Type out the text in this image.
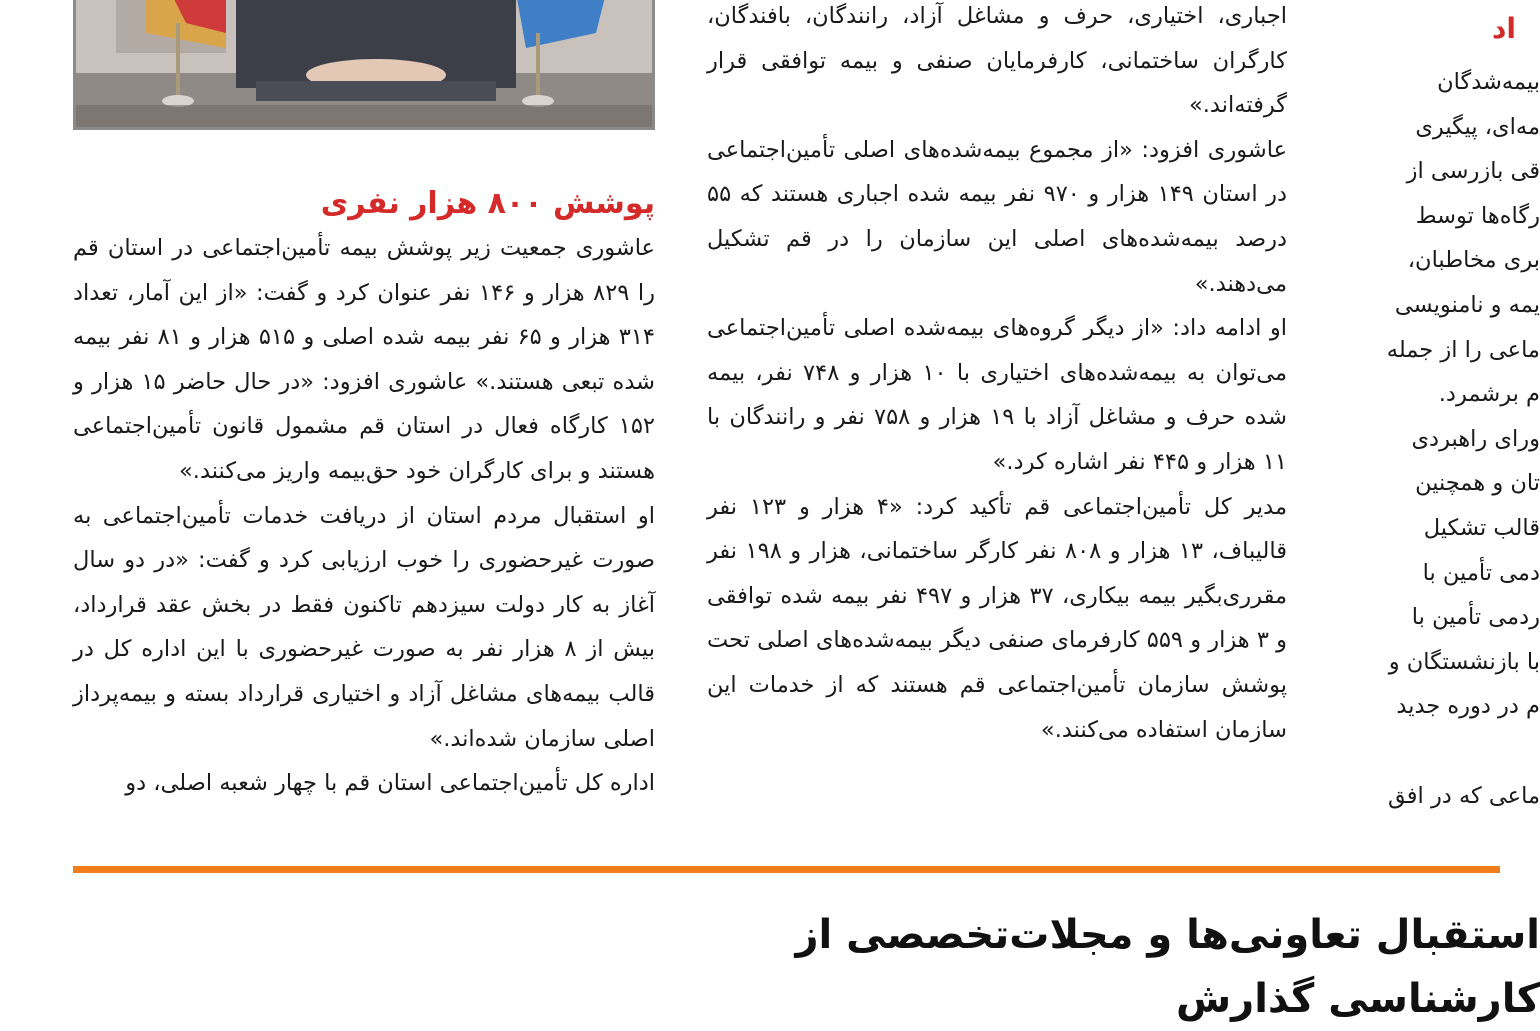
اد

اجباری، اختیاری، حرف و مشاغل آزاد، رانندگان، بافندگان، کارگران ساختمانی، کارفرمایان صنفی و بیمه توافقی قرار گرفته‌اند.»

عاشوری افزود: «از مجموع بیمه‌شده‌های اصلی تأمین‌اجتماعی در استان ۱۴۹ هزار و ۹۷۰ نفر بیمه شده اجباری هستند که ۵۵ درصد بیمه‌شده‌های اصلی این سازمان را در قم تشکیل می‌دهند.»

او ادامه داد: «از دیگر گروه‌های بیمه‌شده اصلی تأمین‌اجتماعی می‌توان به بیمه‌شده‌های اختیاری با ۱۰ هزار و ۷۴۸ نفر، بیمه شده حرف و مشاغل آزاد با ۱۹ هزار و ۷۵۸ نفر و رانندگان با ۱۱ هزار و ۴۴۵ نفر اشاره کرد.»

مدیر کل تأمین‌اجتماعی قم تأکید کرد: «۴ هزار و ۱۲۳ نفر قالیباف، ۱۳ هزار و ۸۰۸ نفر کارگر ساختمانی، هزار و ۱۹۸ نفر مقرری‌بگیر بیمه بیکاری، ۳۷ هزار و ۴۹۷ نفر بیمه شده توافقی و ۳ هزار و ۵۵۹ کارفرمای صنفی دیگر بیمه‌شده‌های اصلی تحت پوشش سازمان تأمین‌اجتماعی قم هستند که از خدمات این سازمان استفاده می‌کنند.»

پوشش ۸۰۰ هزار نفری

عاشوری جمعیت زیر پوشش بیمه تأمین‌اجتماعی در استان قم را ۸۲۹ هزار و ۱۴۶ نفر عنوان کرد و گفت: «از این آمار، تعداد ۳۱۴ هزار و ۶۵ نفر بیمه شده اصلی و ۵۱۵ هزار و ۸۱ نفر بیمه شده تبعی هستند.» عاشوری افزود: «در حال حاضر ۱۵ هزار و ۱۵۲ کارگاه فعال در استان قم مشمول قانون تأمین‌اجتماعی هستند و برای کارگران خود حق‌بیمه واریز می‌کنند.»

او استقبال مردم استان از دریافت خدمات تأمین‌اجتماعی به صورت غیرحضوری را خوب ارزیابی کرد و گفت: «در دو سال آغاز به کار دولت سیزدهم تاکنون فقط در بخش عقد قرارداد، بیش از ۸ هزار نفر به صورت غیرحضوری با این اداره کل در قالب بیمه‌های مشاغل آزاد و اختیاری قرارداد بسته و بیمه‌پرداز اصلی سازمان شده‌اند.»

اداره کل تأمین‌اجتماعی استان قم با چهار شعبه اصلی، دو

بیمه‌شدگان
مه‌ای، پیگیری
قی بازرسی از
رگاه‌ها توسط
بری مخاطبان،
یمه و نامنویسی
ماعی را از جمله
م برشمرد.
ورای راهبردی
تان و همچنین
قالب تشکیل
دمی تأمین با
ردمی تأمین با
با بازنشستگان و
م در دوره جدید

ماعی که در افق
استقبال تعاونی‌ها و مجلات‌تخصصی از کارشناسی گذارش
